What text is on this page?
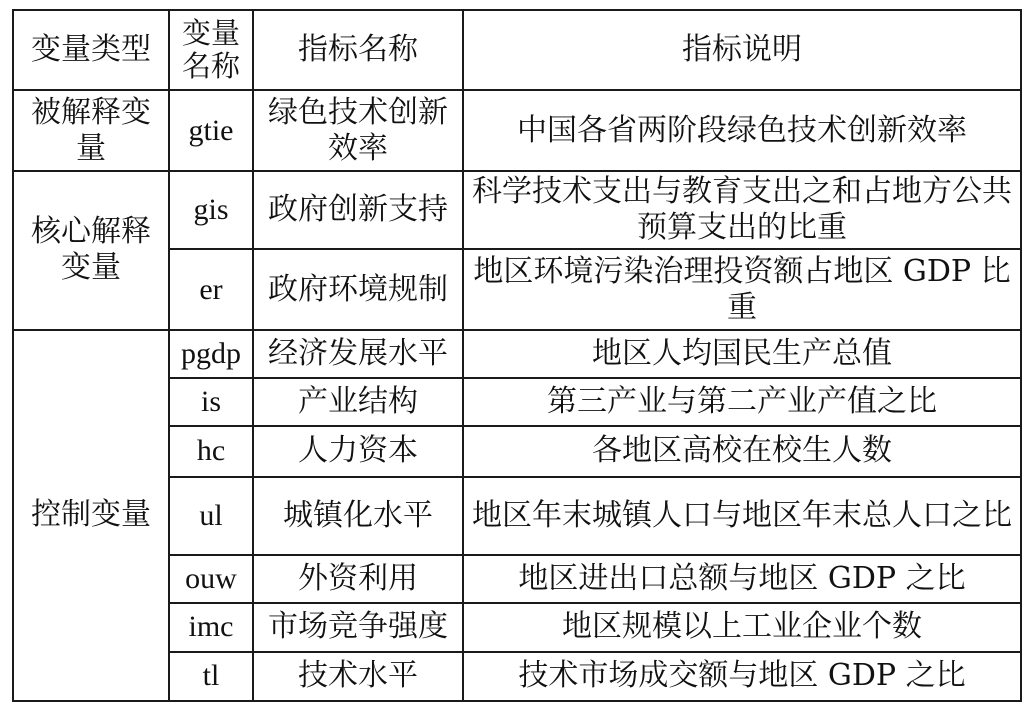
变量类型	变量名称	指标名称	指标说明
被解释变量	gtie	绿色技术创新效率	中国各省两阶段绿色技术创新效率
核心解释变量	gis	政府创新支持	科学技术支出与教育支出之和占地方公共预算支出的比重
	er	政府环境规制	地区环境污染治理投资额占地区 GDP 比重
控制变量	pgdp	经济发展水平	地区人均国民生产总值
	is	产业结构	第三产业与第二产业产值之比
	hc	人力资本	各地区高校在校生人数
	ul	城镇化水平	地区年末城镇人口与地区年末总人口之比
	ouw	外资利用	地区进出口总额与地区 GDP 之比
	imc	市场竞争强度	地区规模以上工业企业个数
	tl	技术水平	技术市场成交额与地区 GDP 之比
